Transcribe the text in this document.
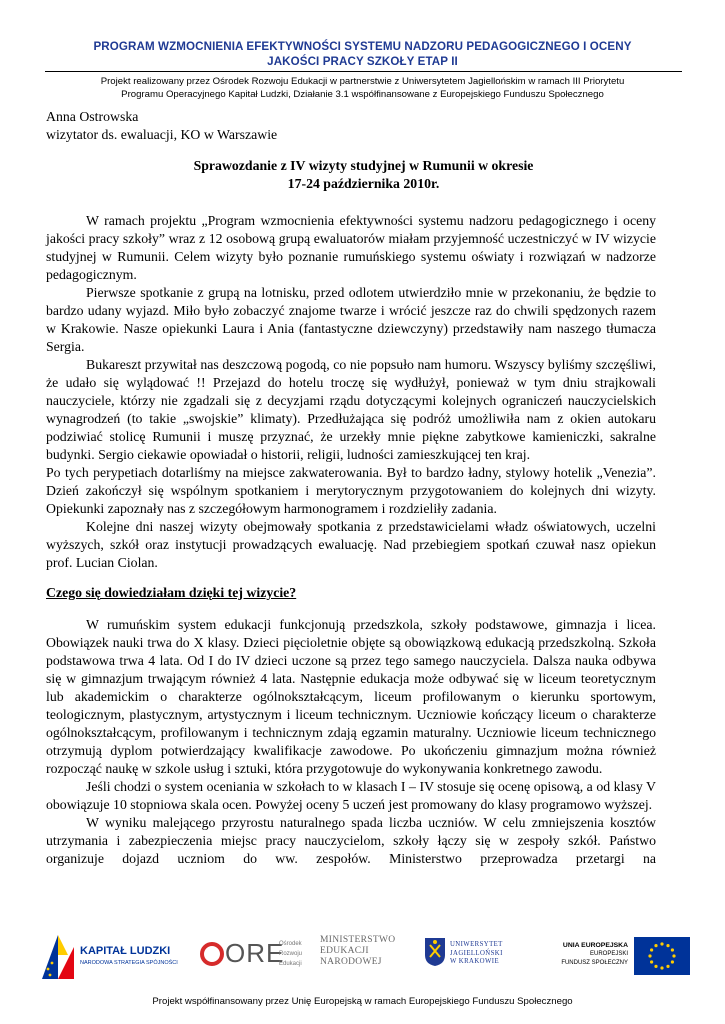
PROGRAM WZMOCNIENIA EFEKTYWNOŚCI SYSTEMU NADZORU PEDAGOGICZNEGO I OCENY
JAKOŚCI PRACY SZKOŁY ETAP II
Projekt realizowany przez Ośrodek Rozwoju Edukacji w partnerstwie z Uniwersytetem Jagiellońskim w ramach III Priorytetu
Programu Operacyjnego Kapitał Ludzki, Działanie 3.1 współfinansowane z Europejskiego Funduszu Społecznego
Anna Ostrowska
wizytator ds. ewaluacji, KO w Warszawie
Sprawozdanie z IV wizyty studyjnej w Rumunii w okresie
17-24 października 2010r.

W ramach projektu „Program wzmocnienia efektywności systemu nadzoru pedagogicznego i oceny jakości pracy szkoły” wraz z 12 osobową grupą ewaluatorów miałam przyjemność uczestniczyć w IV wizycie studyjnej w Rumunii. Celem wizyty było poznanie rumuńskiego systemu oświaty i rozwiązań w nadzorze pedagogicznym.

Pierwsze spotkanie z grupą na lotnisku, przed odlotem utwierdziło mnie w przekonaniu, że będzie to bardzo udany wyjazd. Miło było zobaczyć znajome twarze i wrócić jeszcze raz do chwili spędzonych razem w Krakowie. Nasze opiekunki Laura i Ania (fantastyczne dziewczyny) przedstawiły nam naszego tłumacza Sergia.

Bukareszt przywitał nas deszczową pogodą, co nie popsuło nam humoru. Wszyscy byliśmy szczęśliwi, że udało się wylądować !! Przejazd do hotelu troczę się wydłużył, ponieważ w tym dniu strajkowali nauczyciele, którzy nie zgadzali się z decyzjami rządu dotyczącymi kolejnych ograniczeń nauczycielskich wynagrodzeń (to takie „swojskie” klimaty). Przedłużająca się podróż umożliwiła nam z okien autokaru podziwiać stolicę Rumunii i muszę przyznać, że urzekły mnie piękne zabytkowe kamieniczki, sakralne budynki. Sergio ciekawie opowiadał o historii, religii, ludności zamieszkującej ten kraj.

Po tych perypetiach dotarliśmy na miejsce zakwaterowania. Był to bardzo ładny, stylowy hotelik „Venezia”. Dzień zakończył się wspólnym spotkaniem i merytorycznym przygotowaniem do kolejnych dni wizyty. Opiekunki zapoznały nas z szczegółowym harmonogramem i rozdzieliły zadania.

Kolejne dni naszej wizyty obejmowały spotkania z przedstawicielami władz oświatowych, uczelni wyższych, szkół oraz instytucji prowadzących ewaluację. Nad przebiegiem spotkań czuwał nasz opiekun prof. Lucian Ciolan.

Czego się dowiedziałam dzięki tej wizycie?

W rumuńskim system edukacji funkcjonują przedszkola, szkoły podstawowe, gimnazja i licea. Obowiązek nauki trwa do X klasy. Dzieci pięcioletnie objęte są obowiązkową edukacją przedszkolną. Szkoła podstawowa trwa 4 lata. Od I do IV dzieci uczone są przez tego samego nauczyciela. Dalsza nauka odbywa się w gimnazjum trwającym również 4 lata. Następnie edukacja może odbywać się w liceum teoretycznym lub akademickim o charakterze ogólnokształcącym, liceum profilowanym o kierunku sportowym, teologicznym, plastycznym, artystycznym i liceum technicznym. Uczniowie kończący liceum o charakterze ogólnokształcącym, profilowanym i technicznym zdają egzamin maturalny. Uczniowie liceum technicznego otrzymują dyplom potwierdzający kwalifikacje zawodowe. Po ukończeniu gimnazjum można również rozpocząć naukę w szkole usług i sztuki, która przygotowuje do wykonywania konkretnego zawodu.

Jeśli chodzi o system oceniania w szkołach to w klasach I – IV stosuje się ocenę opisową, a od klasy V obowiązuje 10 stopniowa skala ocen. Powyżej oceny 5 uczeń jest promowany do klasy programowo wyższej.

W wyniku malejącego przyrostu naturalnego spada liczba uczniów. W celu zmniejszenia kosztów utrzymania i zabezpieczenia miejsc pracy nauczycielom, szkoły łączy się w zespoły szkół. Państwo organizuje dojazd uczniom do ww. zespołów. Ministerstwo przeprowadza przetargi na

KAPITAŁ LUDZKI
NARODOWA STRATEGIA SPÓJNOŚCI ORE
Ośrodek
Rozwoju
Edukacji
MINISTERSTWO
EDUKACJI
NARODOWEJ
UNIWERSYTET
JAGIELLOŃSKI
W KRAKOWIE
UNIA EUROPEJSKA
EUROPEJSKI
FUNDUSZ SPOŁECZNY
Projekt współfinansowany przez Unię Europejską w ramach Europejskiego Funduszu Społecznego
